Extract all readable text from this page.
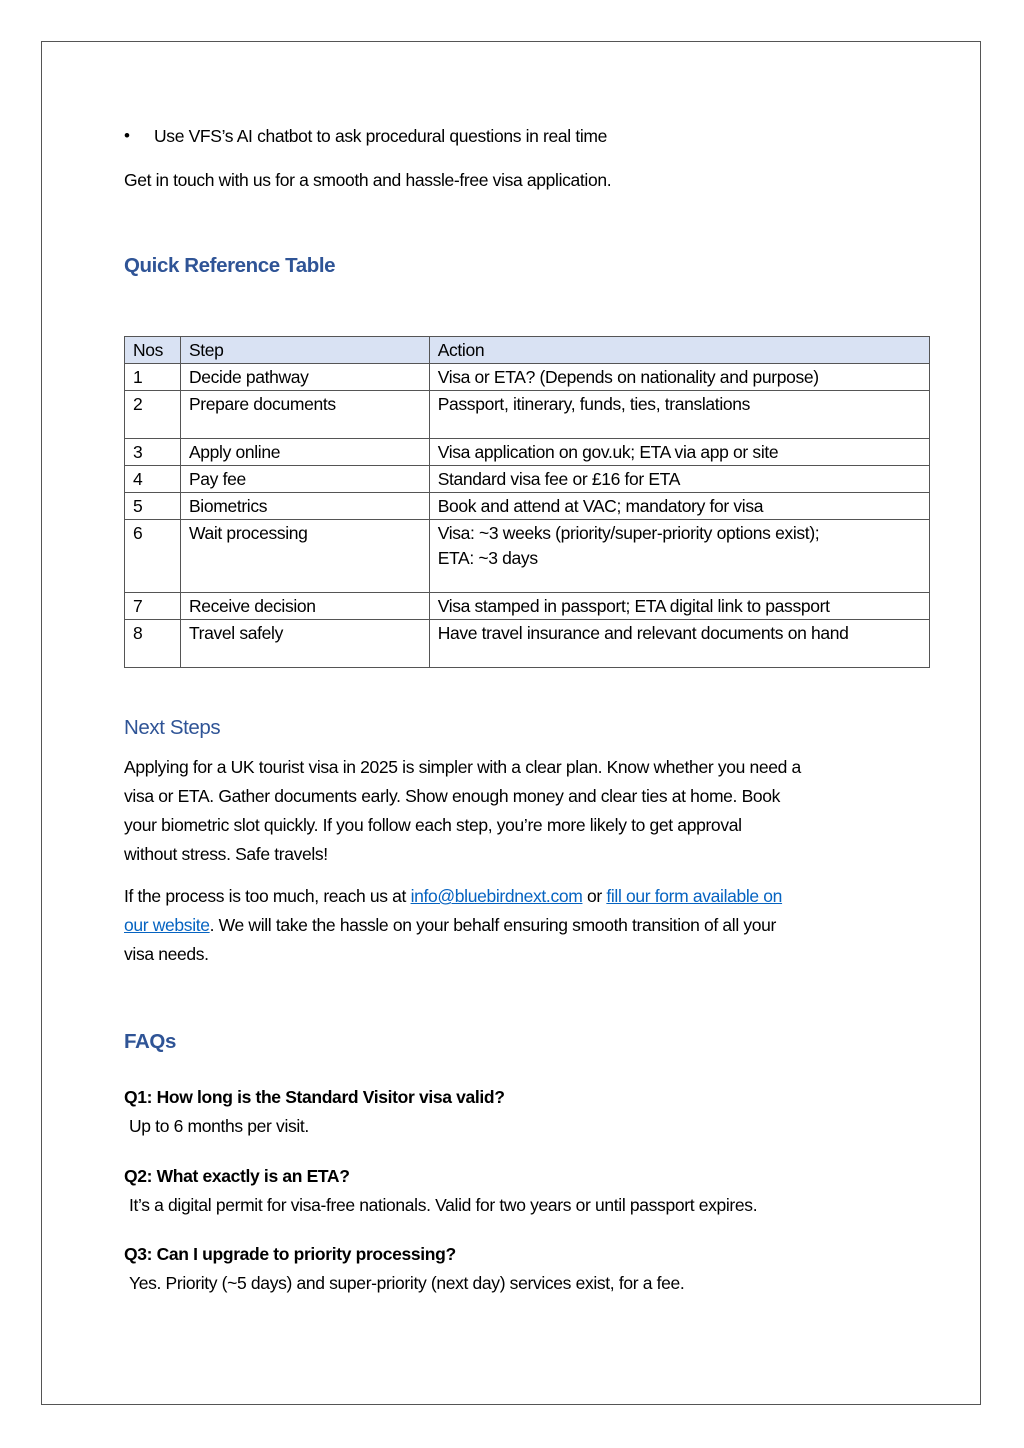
• Use VFS’s AI chatbot to ask procedural questions in real time
Get in touch with us for a smooth and hassle-free visa application.
Quick Reference Table
Nos	Step	Action
1	Decide pathway	Visa or ETA? (Depends on nationality and purpose)
2	Prepare documents	Passport, itinerary, funds, ties, translations
3	Apply online	Visa application on gov.uk; ETA via app or site
4	Pay fee	Standard visa fee or £16 for ETA
5	Biometrics	Book and attend at VAC; mandatory for visa
6	Wait processing	Visa: ~3 weeks (priority/super-priority options exist);
ETA: ~3 days

7	Receive decision	Visa stamped in passport; ETA digital link to passport
8	Travel safely	Have travel insurance and relevant documents on hand
Next Steps
Applying for a UK tourist visa in 2025 is simpler with a clear plan. Know whether you need a
visa or ETA. Gather documents early. Show enough money and clear ties at home. Book
your biometric slot quickly. If you follow each step, you’re more likely to get approval
without stress. Safe travels!
If the process is too much, reach us at info@bluebirdnext.com or fill our form available on
our website. We will take the hassle on your behalf ensuring smooth transition of all your
visa needs.
FAQs
Q1: How long is the Standard Visitor visa valid?
Up to 6 months per visit.
Q2: What exactly is an ETA?
It’s a digital permit for visa-free nationals. Valid for two years or until passport expires.
Q3: Can I upgrade to priority processing?
Yes. Priority (~5 days) and super-priority (next day) services exist, for a fee.
